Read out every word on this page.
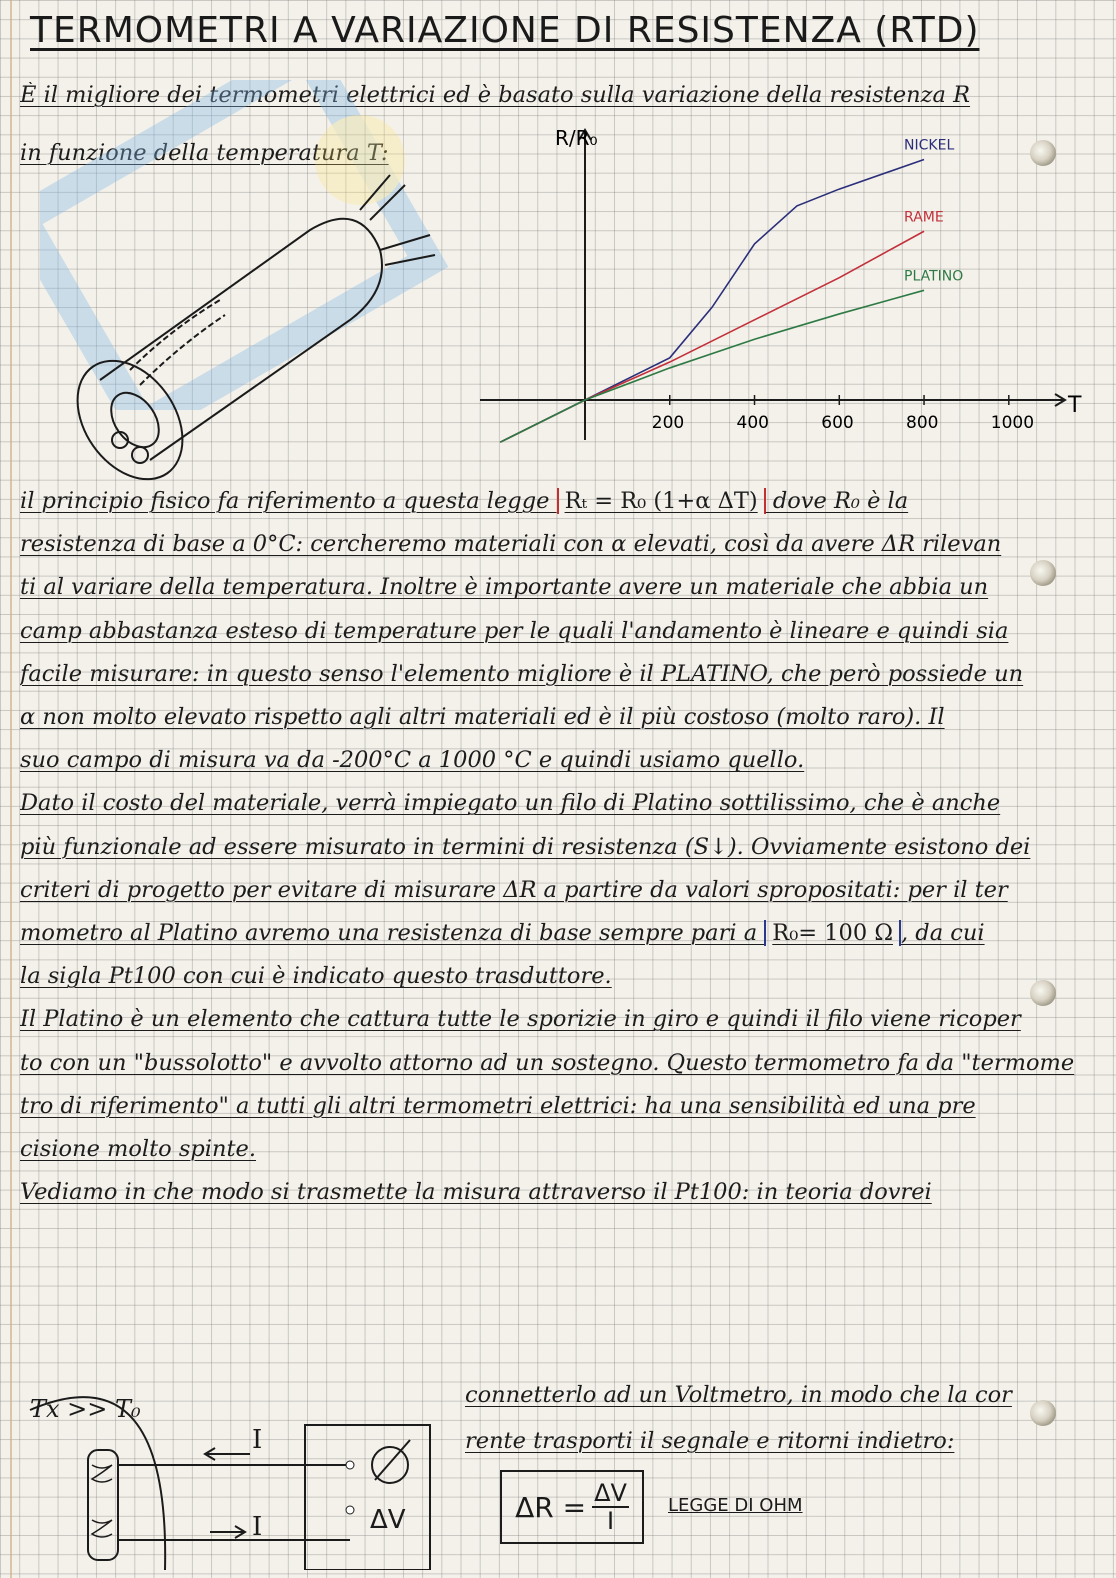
TERMOMETRI A VARIAZIONE DI RESISTENZA (RTD)
È il migliore dei termometri elettrici ed è basato sulla variazione della resistenza R
in funzione della temperatura T:
R/R₀
T
NICKEL
RAME
PLATINO
200	400	600	800	1000
il principio fisico fa riferimento a questa legge Rₜ = R₀ (1+α ΔT) dove R₀ è la
resistenza di base a 0°C: cercheremo materiali con α elevati, così da avere ΔR rilevan
ti al variare della temperatura. Inoltre è importante avere un materiale che abbia un
camp abbastanza esteso di temperature per le quali l'andamento è lineare e quindi sia
facile misurare: in questo senso l'elemento migliore è il PLATINO, che però possiede un
α non molto elevato rispetto agli altri materiali ed è il più costoso (molto raro). Il
suo campo di misura va da -200°C a 1000 °C e quindi usiamo quello.
Dato il costo del materiale, verrà impiegato un filo di Platino sottilissimo, che è anche
più funzionale ad essere misurato in termini di resistenza (S↓). Ovviamente esistono dei
criteri di progetto per evitare di misurare ΔR a partire da valori spropositati: per il ter
mometro al Platino avremo una resistenza di base sempre pari a R₀= 100 Ω , da cui
la sigla Pt100 con cui è indicato questo trasduttore.
Il Platino è un elemento che cattura tutte le sporizie in giro e quindi il filo viene ricoper
to con un "bussolotto" e avvolto attorno ad un sostegno. Questo termometro fa da "termome
tro di riferimento" a tutti gli altri termometri elettrici: ha una sensibilità ed una pre
cisione molto spinte.
Vediamo in che modo si trasmette la misura attraverso il Pt100: in teoria dovrei
connetterlo ad un Voltmetro, in modo che la cor
rente trasporti il segnale e ritorni indietro:
Tx >> T₀
I
I	ΔV	$\Delta R = \frac{\Delta V}{I}$ LEGGE DI OHM
